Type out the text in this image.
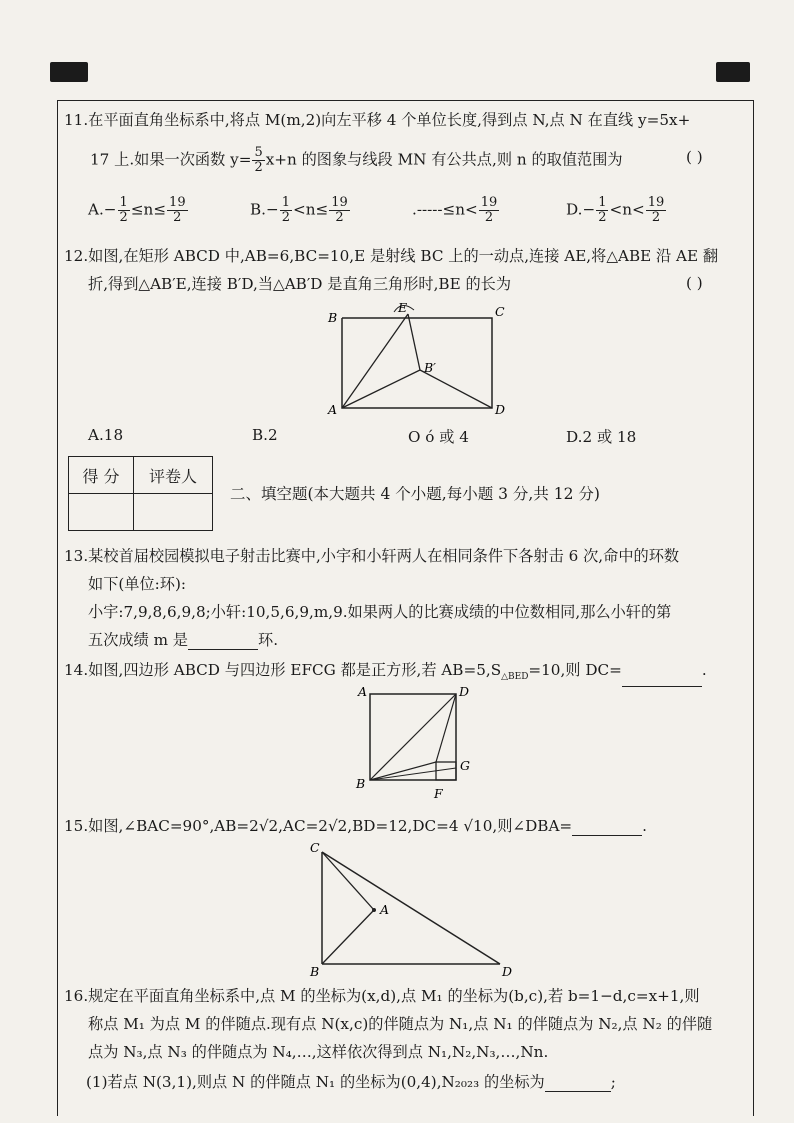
11.在平面直角坐标系中,将点 M(m,2)向左平移 4 个单位长度,得到点 N,点 N 在直线 y=5x+
17 上.如果一次函数 $y= \frac{5}{2} x+n$ 的图象与线段 MN 有公共点,则 n 的取值范围为	( )
$A.- \frac{1}{2} \le n\le \frac{19}{2}$	$B.- \frac{1}{2} <n\le \frac{19}{2}$	$.-----\le n< \frac{19}{2}$	$D.- \frac{1}{2} <n< \frac{19}{2}$
12.如图,在矩形 ABCD 中,AB=6,BC=10,E 是射线 BC 上的一动点,连接 AE,将△ABE 沿 AE 翻
折,得到△AB′E,连接 B′D,当△AB′D 是直角三角形时,BE 的长为	( )
B	C
A	D
E
B′
A.18	B.2	O ó 或 4	D.2 或 18
得 分	评卷人

二、填空题(本大题共 4 个小题,每小题 3 分,共 12 分)
13.某校首届校园模拟电子射击比赛中,小宇和小轩两人在相同条件下各射击 6 次,命中的环数
如下(单位:环):
小宇:7,9,8,6,9,8;小轩:10,5,6,9,m,9.如果两人的比赛成绩的中位数相同,那么小轩的第
五次成绩 m 是	环.
14.如图,四边形 ABCD 与四边形 EFCG 都是正方形,若 $AB=5,S_{\triangle BED}=10$,则 DC=	.
A	D
B
G
F
15.如图,∠BAC=90°,AB=2√2,AC=2√2,BD=12,DC=4 √10,则∠DBA=	.
C
A
B	D
16.规定在平面直角坐标系中,点 M 的坐标为(x,d),点 M₁ 的坐标为(b,c),若 b=1−d,c=x+1,则
称点 M₁ 为点 M 的伴随点.现有点 N(x,c)的伴随点为 N₁,点 N₁ 的伴随点为 N₂,点 N₂ 的伴随
点为 N₃,点 N₃ 的伴随点为 N₄,…,这样依次得到点 N₁,N₂,N₃,…,Nn.
(1)若点 N(3,1),则点 N 的伴随点 N₁ 的坐标为(0,4),N₂₀₂₃ 的坐标为	;
